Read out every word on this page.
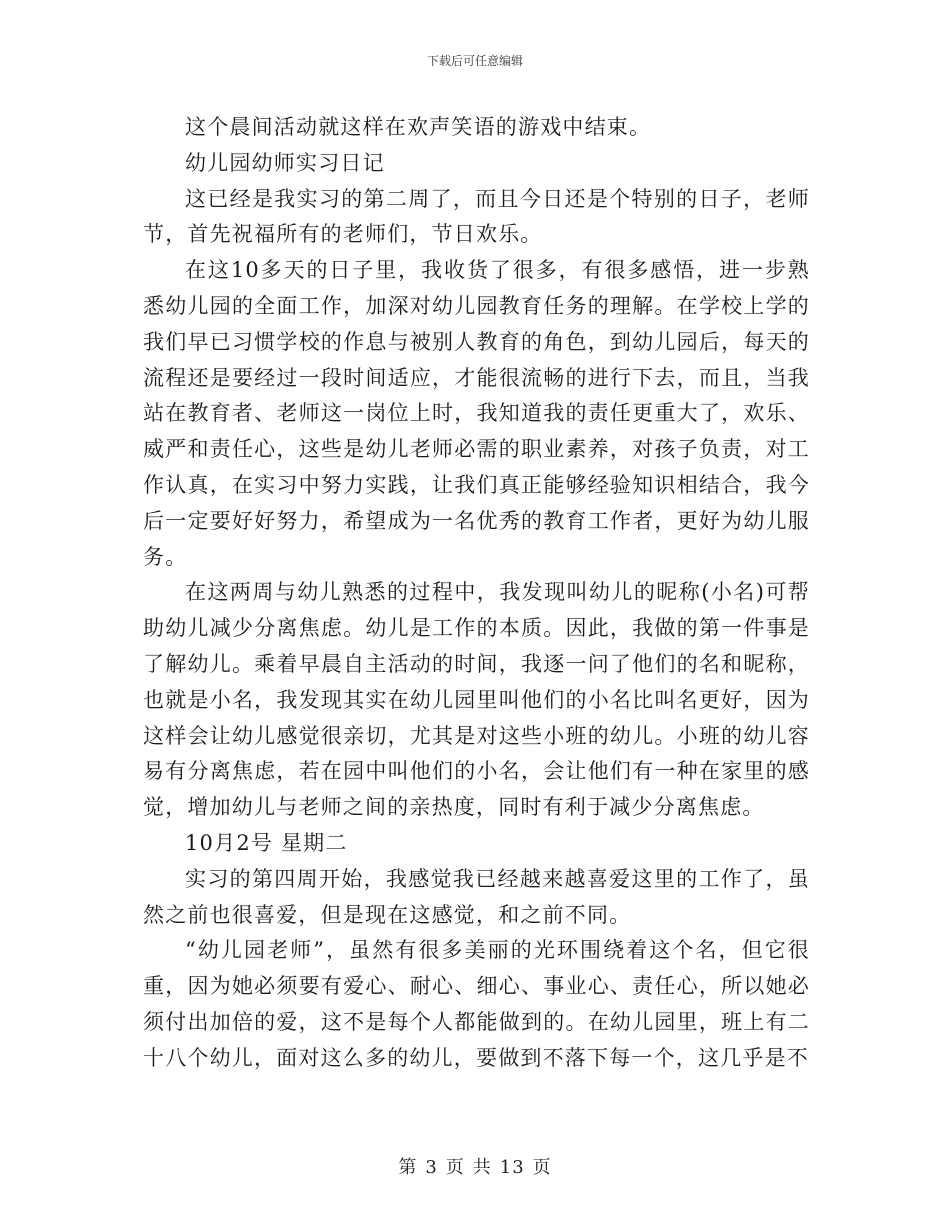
下载后可任意编辑

这个晨间活动就这样在欢声笑语的游戏中结束。

幼儿园幼师实习日记

这已经是我实习的第二周了，而且今日还是个特别的日子，老师节，首先祝福所有的老师们，节日欢乐。

在这10多天的日子里，我收货了很多，有很多感悟，进一步熟悉幼儿园的全面工作，加深对幼儿园教育任务的理解。在学校上学的我们早已习惯学校的作息与被别人教育的角色，到幼儿园后，每天的流程还是要经过一段时间适应，才能很流畅的进行下去，而且，当我站在教育者、老师这一岗位上时，我知道我的责任更重大了，欢乐、威严和责任心，这些是幼儿老师必需的职业素养，对孩子负责，对工作认真，在实习中努力实践，让我们真正能够经验知识相结合，我今后一定要好好努力，希望成为一名优秀的教育工作者，更好为幼儿服务。

在这两周与幼儿熟悉的过程中，我发现叫幼儿的昵称(小名)可帮助幼儿减少分离焦虑。幼儿是工作的本质。因此，我做的第一件事是了解幼儿。乘着早晨自主活动的时间，我逐一问了他们的名和昵称，也就是小名，我发现其实在幼儿园里叫他们的小名比叫名更好，因为这样会让幼儿感觉很亲切，尤其是对这些小班的幼儿。小班的幼儿容易有分离焦虑，若在园中叫他们的小名，会让他们有一种在家里的感觉，增加幼儿与老师之间的亲热度，同时有利于减少分离焦虑。

10月2号 星期二

实习的第四周开始，我感觉我已经越来越喜爱这里的工作了，虽然之前也很喜爱，但是现在这感觉，和之前不同。

“幼儿园老师”，虽然有很多美丽的光环围绕着这个名，但它很重，因为她必须要有爱心、耐心、细心、事业心、责任心，所以她必须付出加倍的爱，这不是每个人都能做到的。在幼儿园里，班上有二十八个幼儿，面对这么多的幼儿，要做到不落下每一个，这几乎是不

第 3 页 共 13 页
